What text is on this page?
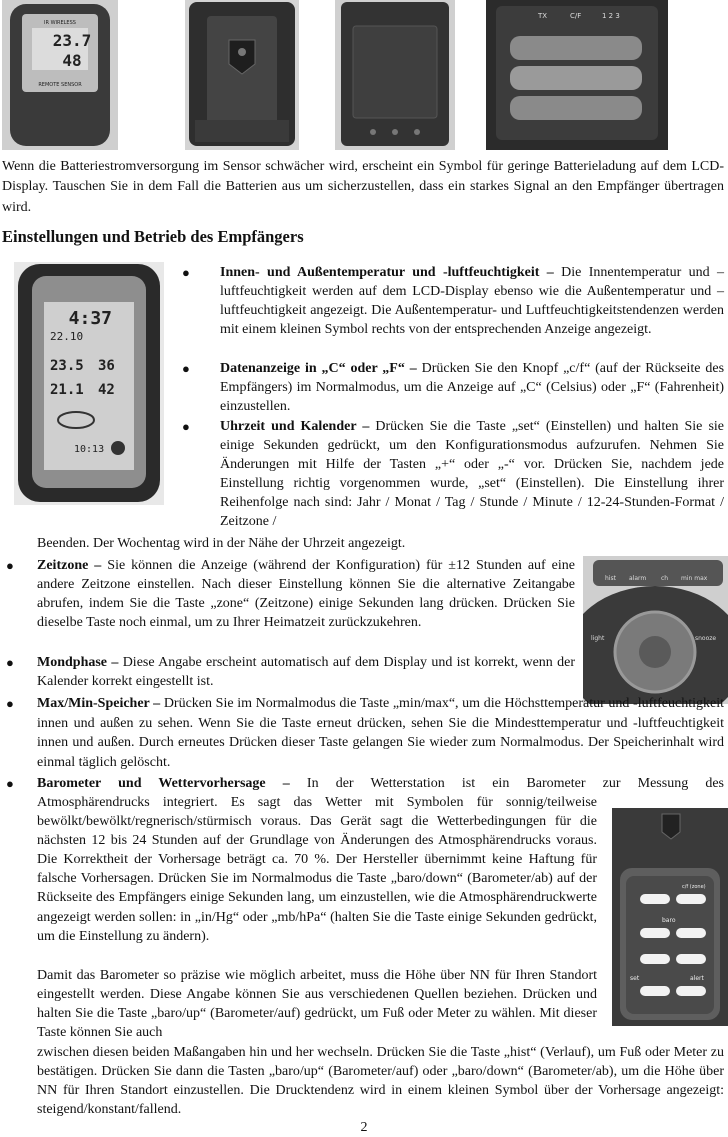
IR WIRELESS
23.7
48
REMOTE SENSOR
TX	C/F	1 2 3

Wenn die Batteriestromversorgung im Sensor schwächer wird, erscheint ein Symbol für geringe Batterieladung auf dem LCD-Display. Tauschen Sie in dem Fall die Batterien aus um sicherzustellen, dass ein starkes Signal an den Empfänger übertragen wird.

Einstellungen und Betrieb des Empfängers
4:37
22.10
23.5 36
21.1 42
10:13
● Innen- und Außentemperatur und -luftfeuchtigkeit – Die Innentemperatur und –luftfeuchtigkeit werden auf dem LCD-Display ebenso wie die Außentemperatur und –luftfeuchtigkeit angezeigt. Die Außentemperatur- und Luftfeuchtigkeitstendenzen werden mit einem kleinen Symbol rechts von der entsprechenden Anzeige angezeigt.

● Datenanzeige in „C“ oder „F“ – Drücken Sie den Knopf „c/f“ (auf der Rückseite des Empfängers) im Normalmodus, um die Anzeige auf „C“ (Celsius) oder „F“ (Fahrenheit) einzustellen.

● Uhrzeit und Kalender – Drücken Sie die Taste „set“ (Einstellen) und halten Sie sie einige Sekunden gedrückt, um den Konfigurationsmodus aufzurufen. Nehmen Sie Änderungen mit Hilfe der Tasten „+“ oder „-“ vor. Drücken Sie, nachdem jede Einstellung richtig vorgenommen wurde, „set“ (Einstellen). Die Einstellung ihrer Reihenfolge nach sind: Jahr / Monat / Tag / Stunde / Minute / 12-24-Stunden-Format / Zeitzone /

Beenden. Der Wochentag wird in der Nähe der Uhrzeit angezeigt.

hist alarm ch min max
light	snooze
● Zeitzone – Sie können die Anzeige (während der Konfiguration) für ±12 Stunden auf eine andere Zeitzone einstellen. Nach dieser Einstellung können Sie die alternative Zeitangabe abrufen, indem Sie die Taste „zone“ (Zeitzone) einige Sekunden lang drücken. Drücken Sie dieselbe Taste noch einmal, um zu Ihrer Heimatzeit zurückzukehren.

● Mondphase – Diese Angabe erscheint automatisch auf dem Display und ist korrekt, wenn der Kalender korrekt eingestellt ist.

● Max/Min-Speicher – Drücken Sie im Normalmodus die Taste „min/max“, um die Höchsttemperatur und -luftfeuchtigkeit innen und außen zu sehen. Wenn Sie die Taste erneut drücken, sehen Sie die Mindesttemperatur und -luftfeuchtigkeit innen und außen. Durch erneutes Drücken dieser Taste gelangen Sie wieder zum Normalmodus. Der Speicherinhalt wird einmal täglich gelöscht.

● Barometer und Wettervorhersage – In der Wetterstation ist ein Barometer zur Messung des

Atmosphärendrucks integriert. Es sagt das Wetter mit Symbolen für sonnig/teilweise bewölkt/bewölkt/regnerisch/stürmisch voraus. Das Gerät sagt die Wetterbedingungen für die nächsten 12 bis 24 Stunden auf der Grundlage von Änderungen des Atmosphärendrucks voraus. Die Korrektheit der Vorhersage beträgt ca. 70 %. Der Hersteller übernimmt keine Haftung für falsche Vorhersagen. Drücken Sie im Normalmodus die Taste „baro/down“ (Barometer/ab) auf der Rückseite des Empfängers einige Sekunden lang, um einzustellen, wie die Atmosphärendruckwerte angezeigt werden sollen: in „in/Hg“ oder „mb/hPa“ (halten Sie die Taste einige Sekunden gedrückt, um die Einstellung zu ändern).

Damit das Barometer so präzise wie möglich arbeitet, muss die Höhe über NN für Ihren Standort eingestellt werden. Diese Angabe können Sie aus verschiedenen Quellen beziehen. Drücken und halten Sie die Taste „baro/up“ (Barometer/auf) gedrückt, um Fuß oder Meter zu wählen. Mit dieser Taste können Sie auch

zwischen diesen beiden Maßangaben hin und her wechseln. Drücken Sie die Taste „hist“ (Verlauf), um Fuß oder Meter zu bestätigen. Drücken Sie dann die Tasten „baro/up“ (Barometer/auf) oder „baro/down“ (Barometer/ab), um die Höhe über NN für Ihren Standort einzustellen. Die Drucktendenz wird in einem kleinen Symbol über der Vorhersage angezeigt: steigend/konstant/fallend.

c/f (zone)
baro
set	alert
2
